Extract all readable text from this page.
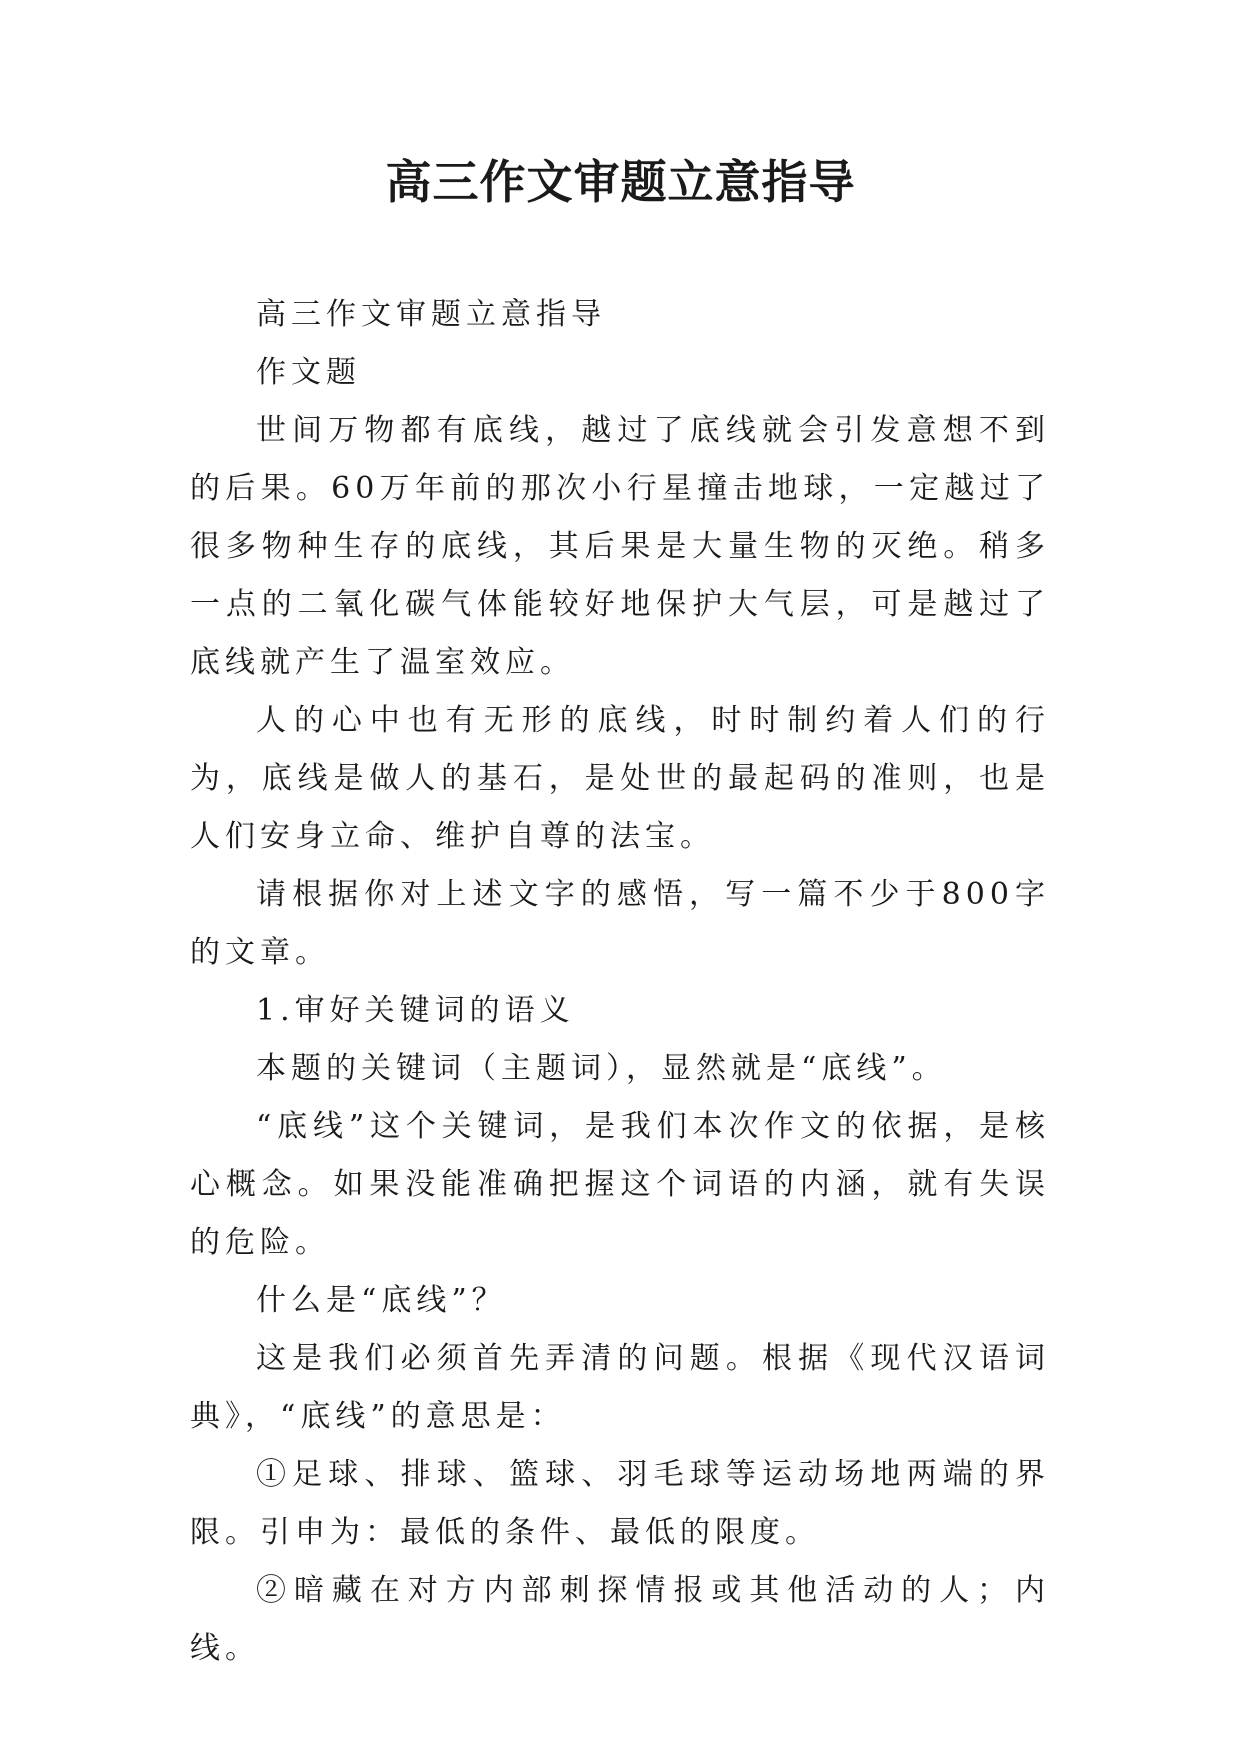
高三作文审题立意指导

高三作文审题立意指导

作文题

世间万物都有底线，越过了底线就会引发意想不到的后果。60万年前的那次小行星撞击地球，一定越过了很多物种生存的底线，其后果是大量生物的灭绝。稍多一点的二氧化碳气体能较好地保护大气层，可是越过了底线就产生了温室效应。

人的心中也有无形的底线，时时制约着人们的行为，底线是做人的基石，是处世的最起码的准则，也是人们安身立命、维护自尊的法宝。

请根据你对上述文字的感悟，写一篇不少于800字的文章。

1.审好关键词的语义

本题的关键词（主题词），显然就是“底线”。

“底线”这个关键词，是我们本次作文的依据，是核心概念。如果没能准确把握这个词语的内涵，就有失误的危险。

什么是“底线”？

这是我们必须首先弄清的问题。根据《现代汉语词典》，“底线”的意思是：

①足球、排球、篮球、羽毛球等运动场地两端的界限。引申为：最低的条件、最低的限度。

②暗藏在对方内部刺探情报或其他活动的人；内线。
